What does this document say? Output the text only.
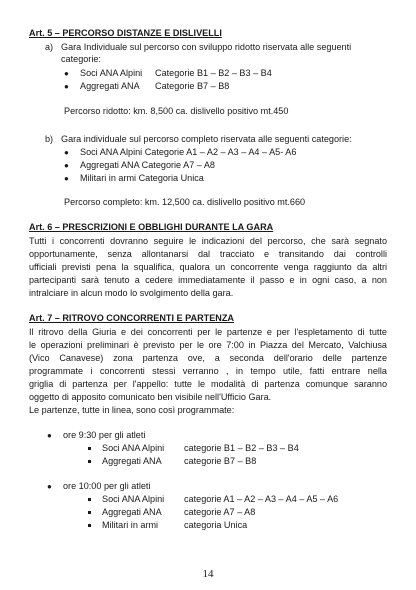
Art. 5 – PERCORSO DISTANZE E DISLIVELLI
a) Gara Individuale sul percorso con sviluppo ridotto riservata alle seguenti
categorie:
● Soci ANA Alpini Categorie B1 – B2 – B3 – B4
● Aggregati ANA Categorie B7 – B8
Percorso ridotto: km. 8,500 ca. dislivello positivo mt.450
b) Gara individuale sul percorso completo riservata alle seguenti categorie:
● Soci ANA Alpini Categorie A1 – A2 – A3 – A4 – A5- A6
● Aggregati ANA Categorie A7 – A8
● Militari in armi Categoria Unica
Percorso completo: km. 12,500 ca. dislivello positivo mt.660
Art. 6 – PRESCRIZIONI E OBBLIGHI DURANTE LA GARA
Tutti i concorrenti dovranno seguire le indicazioni del percorso, che sarà segnato
opportunamente, senza allontanarsi dal tracciato e transitando dai controlli
ufficiali previsti pena la squalifica, qualora un concorrente venga raggiunto da altri
partecipanti sarà tenuto a cedere immediatamente il passo e in ogni caso, a non
intralciare in alcun modo lo svolgimento della gara.
Art. 7 – RITROVO CONCORRENTI E PARTENZA
Il ritrovo della Giuria e dei concorrenti per le partenze e per l'espletamento di tutte
le operazioni preliminari è previsto per le ore 7:00 in Piazza del Mercato, Valchiusa
(Vico Canavese) zona partenza ove, a seconda dell'orario delle partenze
programmate i concorrenti stessi verranno , in tempo utile, fatti entrare nella
griglia di partenza per l'appello: tutte le modalità di partenza comunque saranno
oggetto di apposito comunicato ben visibile nell'Ufficio Gara.
Le partenze, tutte in linea, sono così programmate:
● ore 9:30 per gli atleti
Soci ANA Alpini categorie B1 – B2 – B3 – B4
Aggregati ANA categorie B7 – B8
● ore 10:00 per gli atleti
Soci ANA Alpini categorie A1 – A2 – A3 – A4 – A5 – A6
Aggregati ANA categorie A7 – A8
Militari in armi	categoria Unica
14
